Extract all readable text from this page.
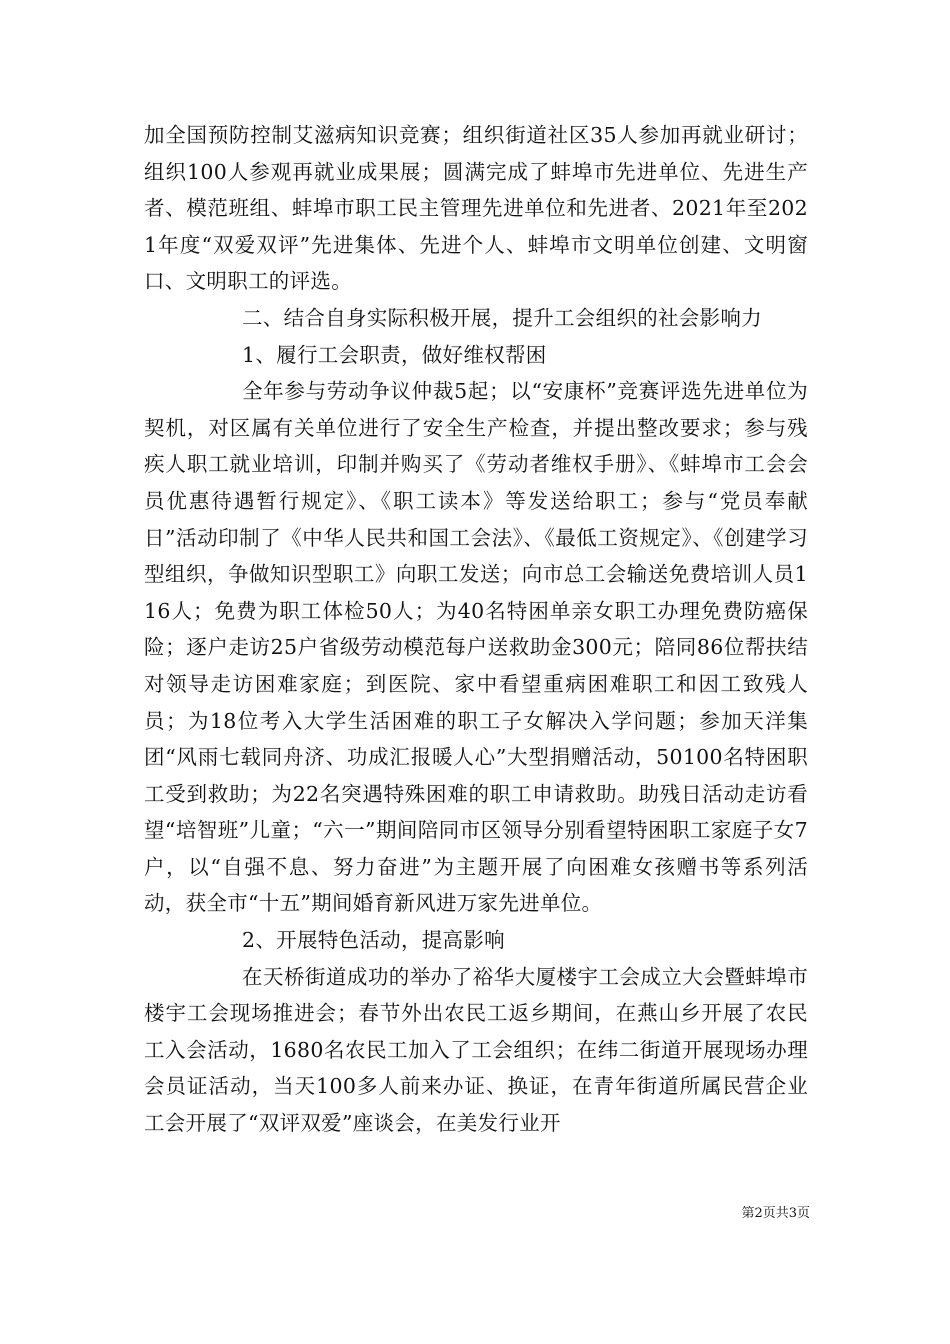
加全国预防控制艾滋病知识竞赛；组织街道社区35人参加再就业研讨；组织100人参观再就业成果展；圆满完成了蚌埠市先进单位、先进生产者、模范班组、蚌埠市职工民主管理先进单位和先进者、2021年至2021年度“双爱双评”先进集体、先进个人、蚌埠市文明单位创建、文明窗口、文明职工的评选。

二、结合自身实际积极开展，提升工会组织的社会影响力

1、履行工会职责，做好维权帮困

全年参与劳动争议仲裁5起；以“安康杯”竞赛评选先进单位为契机，对区属有关单位进行了安全生产检查，并提出整改要求；参与残疾人职工就业培训，印制并购买了《劳动者维权手册》、《蚌埠市工会会员优惠待遇暂行规定》、《职工读本》等发送给职工；参与“党员奉献日”活动印制了《中华人民共和国工会法》、《最低工资规定》、《创建学习型组织，争做知识型职工》向职工发送；向市总工会输送免费培训人员116人；免费为职工体检50人；为40名特困单亲女职工办理免费防癌保险；逐户走访25户省级劳动模范每户送救助金300元；陪同86位帮扶结对领导走访困难家庭；到医院、家中看望重病困难职工和因工致残人员；为18位考入大学生活困难的职工子女解决入学问题；参加天洋集团“风雨七载同舟济、功成汇报暖人心”大型捐赠活动，50100名特困职工受到救助；为22名突遇特殊困难的职工申请救助。助残日活动走访看望“培智班”儿童；“六一”期间陪同市区领导分别看望特困职工家庭子女7户，以“自强不息、努力奋进”为主题开展了向困难女孩赠书等系列活动，获全市“十五”期间婚育新风进万家先进单位。

2、开展特色活动，提高影响

在天桥街道成功的举办了裕华大厦楼宇工会成立大会暨蚌埠市楼宇工会现场推进会；春节外出农民工返乡期间，在燕山乡开展了农民工入会活动，1680名农民工加入了工会组织；在纬二街道开展现场办理会员证活动，当天100多人前来办证、换证，在青年街道所属民营企业工会开展了“双评双爱”座谈会，在美发行业开

第2页共3页
